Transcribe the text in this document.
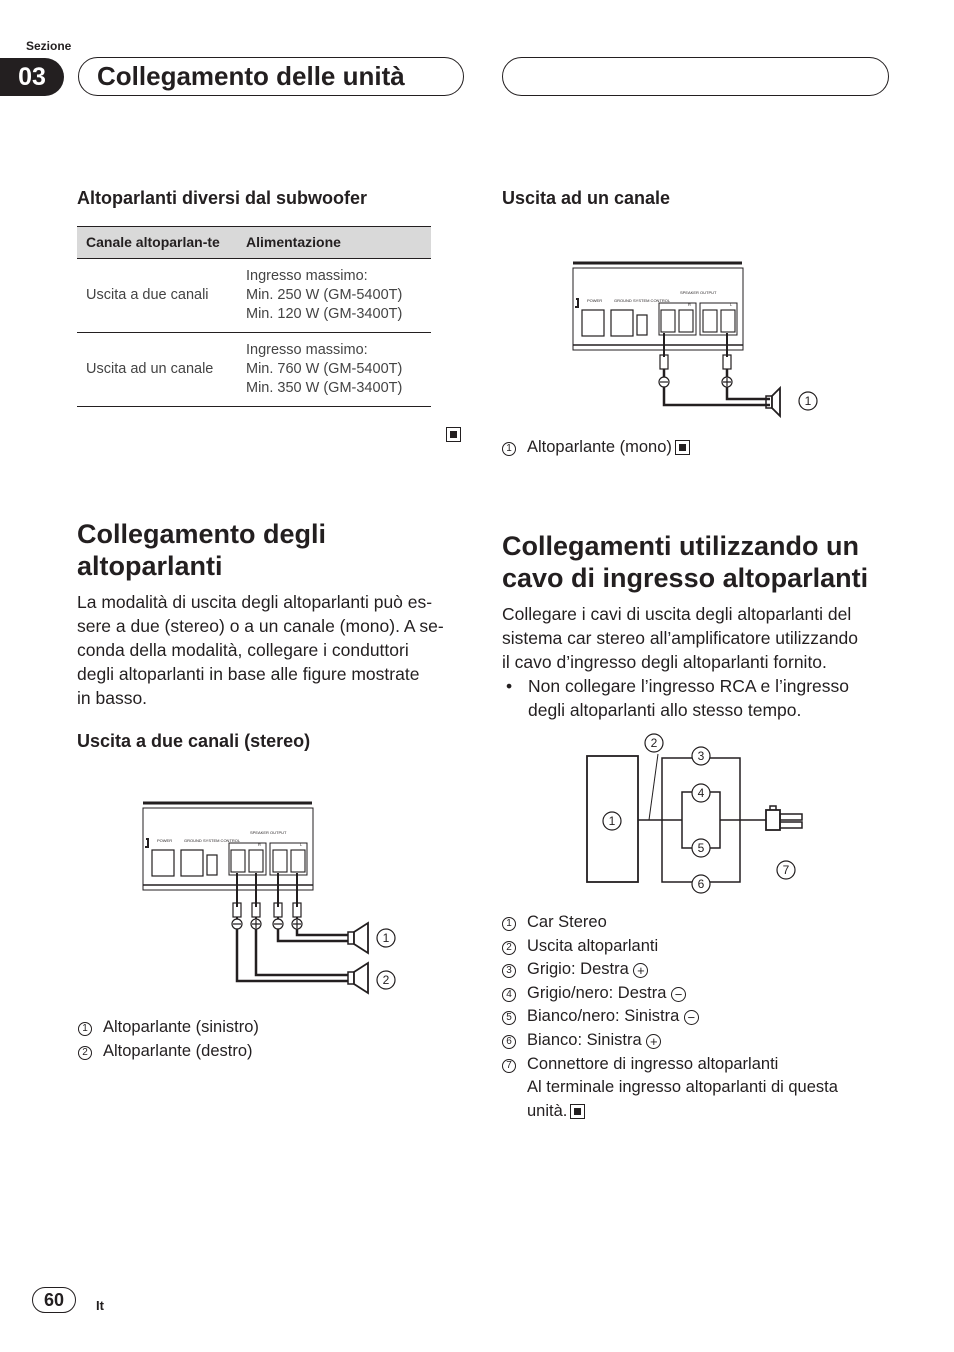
Sezione
03	Collegamento delle unità
Altoparlanti diversi dal subwoofer
Canale altoparlan-te	Alimentazione
Uscita a due canali	Ingresso massimo:
Min. 250 W (GM-5400T)
Min. 120 W (GM-3400T)

Uscita ad un canale	Ingresso massimo:
Min. 760 W (GM-5400T)
Min. 350 W (GM-3400T)
Collegamento degli
altoparlanti
La modalità di uscita degli altoparlanti può es-
sere a due (stereo) o a un canale (mono). A se-
conda della modalità, collegare i conduttori
degli altoparlanti in base alle figure mostrate
in basso.
Uscita a due canali (stereo)
POWER	GROUND SYSTEM CONTROL
SPEAKER OUTPUT
R	L
1
2
1 Altoparlante (sinistro)
2 Altoparlante (destro)
Uscita ad un canale
POWER	GROUND SYSTEM CONTROL
SPEAKER OUTPUT
R	L
1
1 Altoparlante (mono)
Collegamenti utilizzando un
cavo di ingresso altoparlanti
Collegare i cavi di uscita degli altoparlanti del
sistema car stereo all’amplificatore utilizzando
il cavo d’ingresso degli altoparlanti fornito.
• Non collegare l’ingresso RCA e l’ingresso
degli altoparlanti allo stesso tempo.
1
2
3
4
5
6
7
1 Car Stereo
2 Uscita altoparlanti
3 Grigio: Destra +
4 Grigio/nero: Destra −
5 Bianco/nero: Sinistra −
6 Bianco: Sinistra +
7 Connettore di ingresso altoparlanti
Al terminale ingresso altoparlanti di questa
unità.
60	It
